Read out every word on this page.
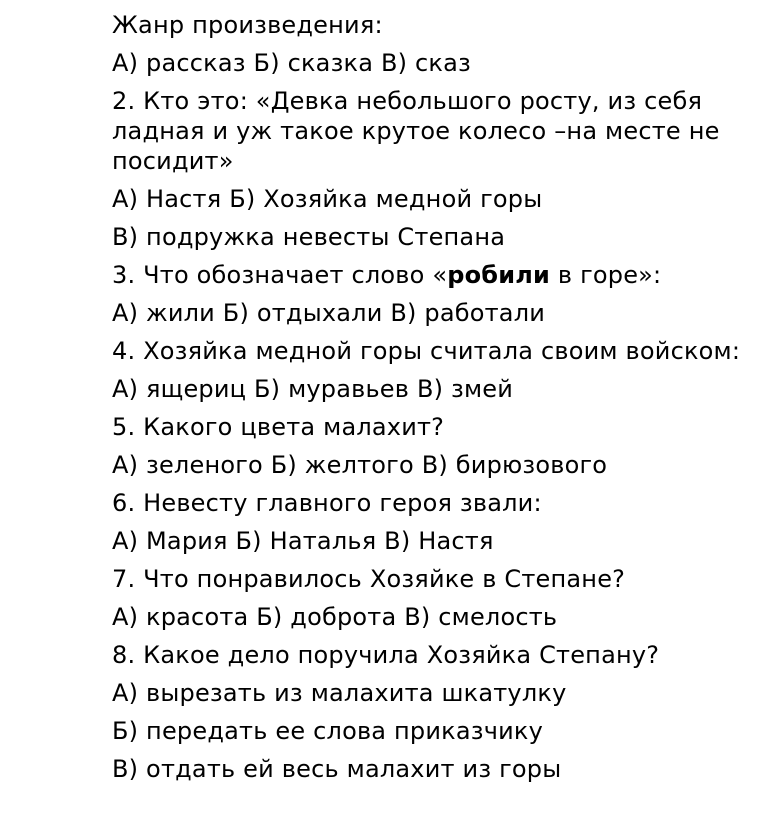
Жанр произведения:

А) рассказ Б) сказка В) сказ

2. Кто это: «Девка небольшого росту, из себя ладная и уж такое крутое колесо –на месте не посидит»

А) Настя Б) Хозяйка медной горы

В) подружка невесты Степана

3. Что обозначает слово «робили в горе»:

А) жили Б) отдыхали В) работали

4. Хозяйка медной горы считала своим войском:

А) ящериц Б) муравьев В) змей

5. Какого цвета малахит?

А) зеленого Б) желтого В) бирюзового

6. Невесту главного героя звали:

А) Мария Б) Наталья В) Настя

7. Что понравилось Хозяйке в Степане?

А) красота Б) доброта В) смелость

8. Какое дело поручила Хозяйка Степану?

А) вырезать из малахита шкатулку

Б) передать ее слова приказчику

В) отдать ей весь малахит из горы
